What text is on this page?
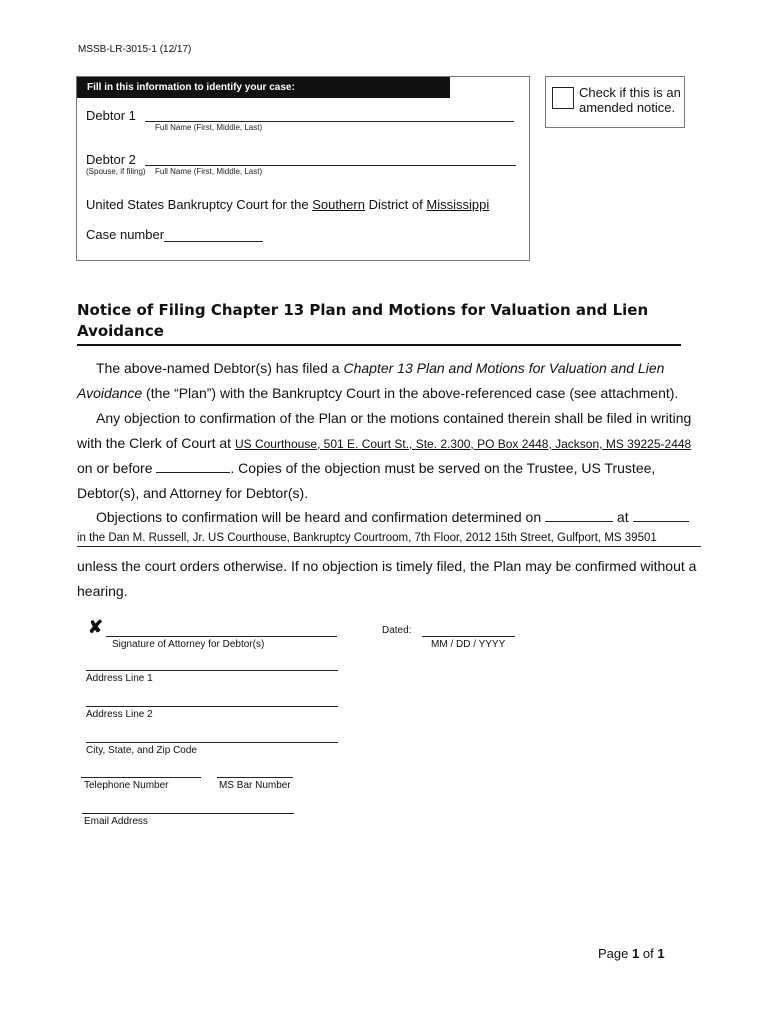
MSSB-LR-3015-1 (12/17)
Fill in this information to identify your case:
Debtor 1
Full Name (First, Middle, Last)
Debtor 2
(Spouse, if filing) Full Name (First, Middle, Last)
United States Bankruptcy Court for the Southern District of Mississippi
Case number
Check if this is an amended notice.
Notice of Filing Chapter 13 Plan and Motions for Valuation and Lien Avoidance
The above-named Debtor(s) has filed a Chapter 13 Plan and Motions for Valuation and Lien
Avoidance (the “Plan”) with the Bankruptcy Court in the above-referenced case (see attachment).
Any objection to confirmation of the Plan or the motions contained therein shall be filed in writing
with the Clerk of Court at US Courthouse, 501 E. Court St., Ste. 2.300, PO Box 2448, Jackson, MS 39225-2448
on or before	. Copies of the objection must be served on the Trustee, US Trustee,
Debtor(s), and Attorney for Debtor(s).
Objections to confirmation will be heard and confirmation determined on	at
in the Dan M. Russell, Jr. US Courthouse, Bankruptcy Courtroom, 7th Floor, 2012 15th Street, Gulfport, MS 39501
unless the court orders otherwise. If no objection is timely filed, the Plan may be confirmed without a
hearing.
✘
Signature of Attorney for Debtor(s)
Dated:
MM / DD / YYYY
Address Line 1
Address Line 2
City, State, and Zip Code
Telephone Number	MS Bar Number
Email Address
Page 1 of 1
